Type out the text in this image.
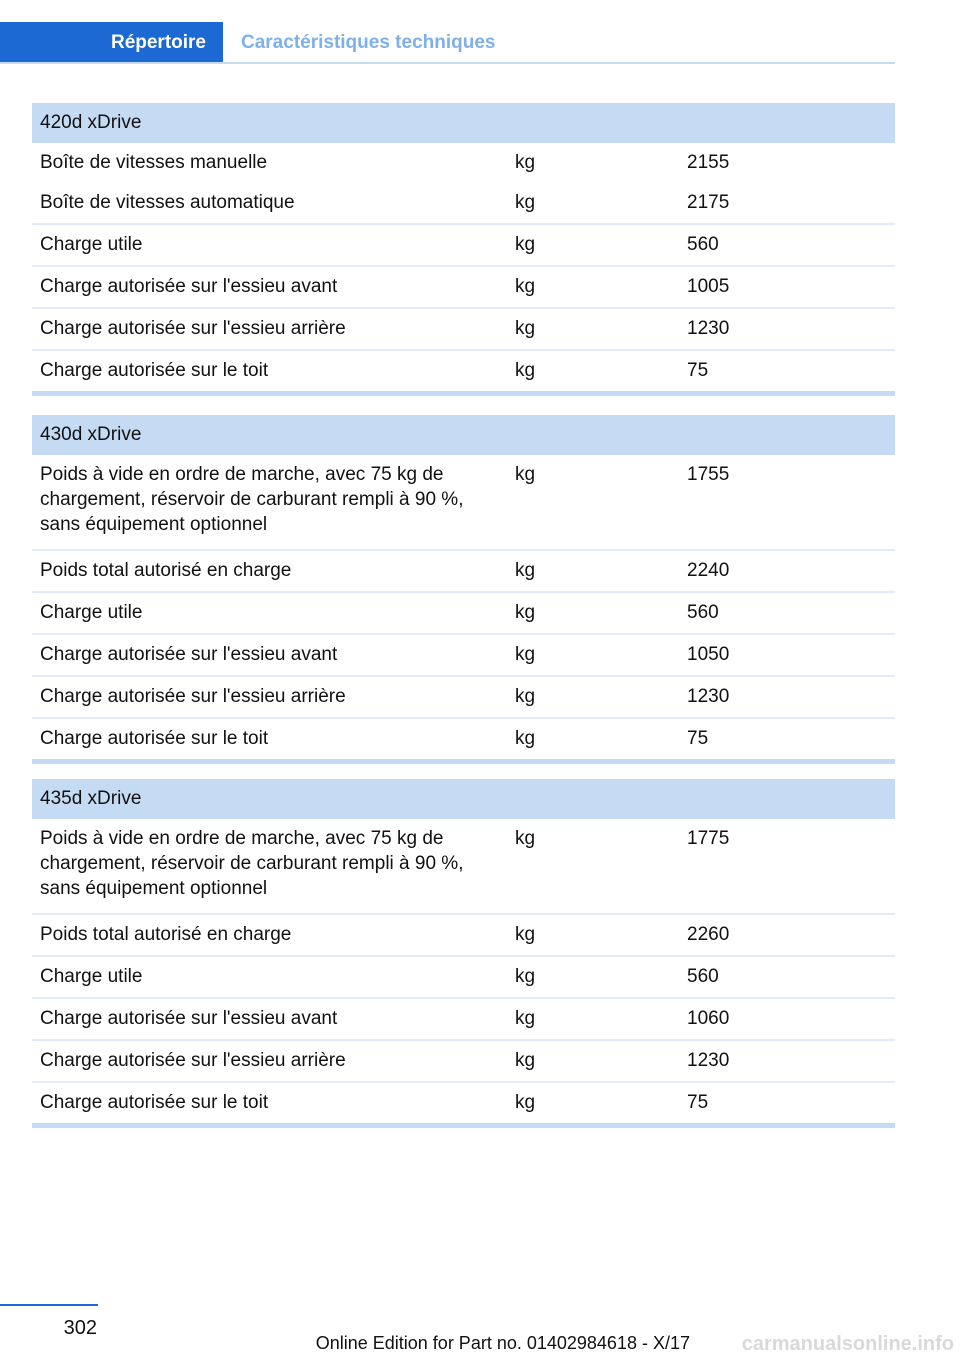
Répertoire	Caractéristiques techniques
420d xDrive		
Boîte de vitesses manuelle	kg	2155
Boîte de vitesses automatique	kg	2175
Charge utile	kg	560
Charge autorisée sur l'essieu avant	kg	1005
Charge autorisée sur l'essieu arrière	kg	1230
Charge autorisée sur le toit	kg	75
430d xDrive		
Poids à vide en ordre de marche, avec 75 kg de chargement, réservoir de carburant rempli à 90 %, sans équipement optionnel	kg	1755
Poids total autorisé en charge	kg	2240
Charge utile	kg	560
Charge autorisée sur l'essieu avant	kg	1050
Charge autorisée sur l'essieu arrière	kg	1230
Charge autorisée sur le toit	kg	75
435d xDrive		
Poids à vide en ordre de marche, avec 75 kg de chargement, réservoir de carburant rempli à 90 %, sans équipement optionnel	kg	1775
Poids total autorisé en charge	kg	2260
Charge utile	kg	560
Charge autorisée sur l'essieu avant	kg	1060
Charge autorisée sur l'essieu arrière	kg	1230
Charge autorisée sur le toit	kg	75
302
Online Edition for Part no. 01402984618 - X/17	carmanualsonline.info
